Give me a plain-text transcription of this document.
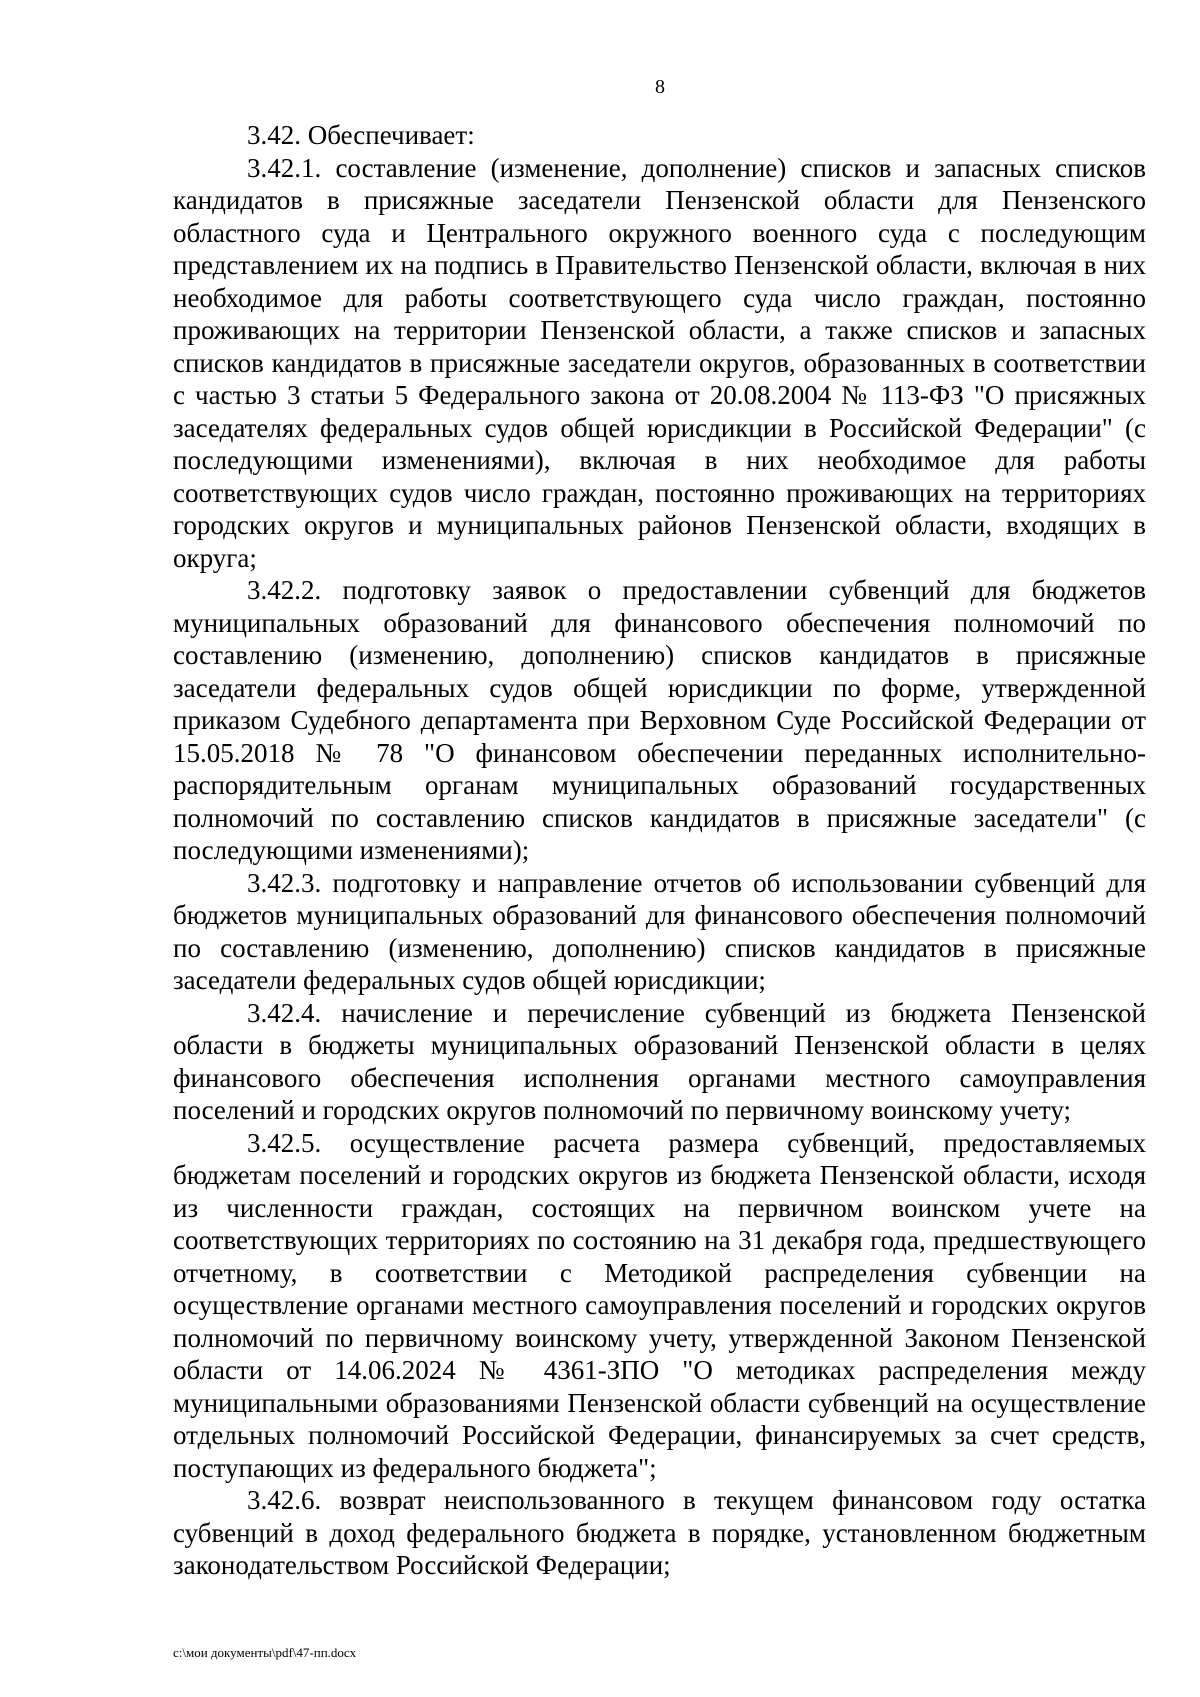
8

3.42. Обеспечивает:

3.42.1. составление (изменение, дополнение) списков и запасных списков кандидатов в присяжные заседатели Пензенской области для Пензенского областного суда и Центрального окружного военного суда с последующим представлением их на подпись в Правительство Пензенской области, включая в них необходимое для работы соответствующего суда число граждан, постоянно проживающих на территории Пензенской области, а также списков и запасных списков кандидатов в присяжные заседатели округов, образованных в соответствии с частью 3 статьи 5 Федерального закона от 20.08.2004 № 113-ФЗ "О присяжных заседателях федеральных судов общей юрисдикции в Российской Федерации" (с последующими изменениями), включая в них необходимое для работы соответствующих судов число граждан, постоянно проживающих на территориях городских округов и муниципальных районов Пензенской области, входящих в округа;

3.42.2. подготовку заявок о предоставлении субвенций для бюджетов муниципальных образований для финансового обеспечения полномочий по составлению (изменению, дополнению) списков кандидатов в присяжные заседатели федеральных судов общей юрисдикции по форме, утвержденной приказом Судебного департамента при Верховном Суде Российской Федерации от 15.05.2018 № 78 "О финансовом обеспечении переданных исполнительно-распорядительным органам муниципальных образований государственных полномочий по составлению списков кандидатов в присяжные заседатели" (с последующими изменениями);

3.42.3. подготовку и направление отчетов об использовании субвенций для бюджетов муниципальных образований для финансового обеспечения полномочий по составлению (изменению, дополнению) списков кандидатов в присяжные заседатели федеральных судов общей юрисдикции;

3.42.4. начисление и перечисление субвенций из бюджета Пензенской области в бюджеты муниципальных образований Пензенской области в целях финансового обеспечения исполнения органами местного самоуправления поселений и городских округов полномочий по первичному воинскому учету;

3.42.5. осуществление расчета размера субвенций, предоставляемых бюджетам поселений и городских округов из бюджета Пензенской области, исходя из численности граждан, состоящих на первичном воинском учете на соответствующих территориях по состоянию на 31 декабря года, предшествующего отчетному, в соответствии с Методикой распределения субвенции на осуществление органами местного самоуправления поселений и городских округов полномочий по первичному воинскому учету, утвержденной Законом Пензенской области от 14.06.2024 № 4361-ЗПО "О методиках распределения между муниципальными образованиями Пензенской области субвенций на осуществление отдельных полномочий Российской Федерации, финансируемых за счет средств, поступающих из федерального бюджета";

3.42.6. возврат неиспользованного в текущем финансовом году остатка субвенций в доход федерального бюджета в порядке, установленном бюджетным законодательством Российской Федерации;

c:\мои документы\pdf\47-пп.docx
